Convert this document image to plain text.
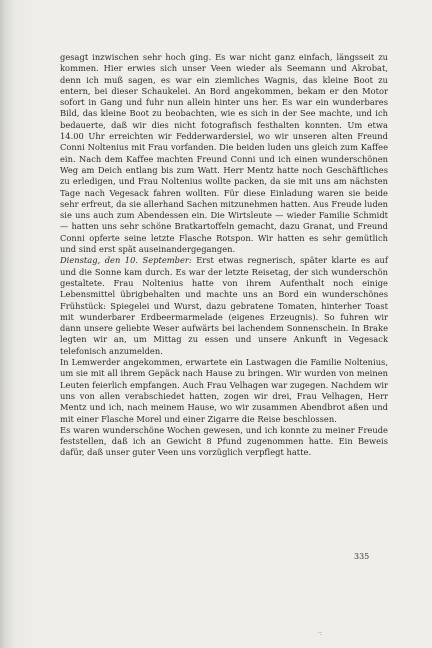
gesagt inzwischen sehr hoch ging. Es war nicht ganz einfach, längsseit zu kommen. Hier erwies sich unser Veen wieder als Seemann und Akrobat, denn ich muß sagen, es war ein ziemliches Wagnis, das kleine Boot zu entern, bei dieser Schaukelei. An Bord angekommen, bekam er den Motor sofort in Gang und fuhr nun allein hinter uns her. Es war ein wunderbares Bild, das kleine Boot zu beobachten, wie es sich in der See machte, und ich bedauerte, daß wir dies nicht fotografisch festhalten konnten. Um etwa 14.00 Uhr erreichten wir Fedderwardersiel, wo wir unseren alten Freund Conni Noltenius mit Frau vorfanden. Die beiden luden uns gleich zum Kaffee ein. Nach dem Kaffee machten Freund Conni und ich einen wunderschönen Weg am Deich entlang bis zum Watt. Herr Mentz hatte noch Geschäftliches zu erledigen, und Frau Noltenius wollte packen, da sie mit uns am nächsten Tage nach Vegesack fahren wollten. Für diese Einladung waren sie beide sehr erfreut, da sie allerhand Sachen mitzunehmen hatten. Aus Freude luden sie uns auch zum Abendessen ein. Die Wirtsleute — wieder Familie Schmidt — hatten uns sehr schöne Bratkartoffeln gemacht, dazu Granat, und Freund Conni opferte seine letzte Flasche Rotspon. Wir hatten es sehr gemütlich und sind erst spät auseinandergegangen.

Dienstag, den 10. September: Erst etwas regnerisch, später klarte es auf und die Sonne kam durch. Es war der letzte Reisetag, der sich wunderschön gestaltete. Frau Noltenius hatte von ihrem Aufenthalt noch einige Lebensmittel übrigbehalten und machte uns an Bord ein wunderschönes Frühstück: Spiegelei und Wurst, dazu gebratene Tomaten, hinterher Toast mit wunderbarer Erdbeermarmelade (eigenes Erzeugnis). So fuhren wir dann unsere geliebte Weser aufwärts bei lachendem Sonnenschein. In Brake legten wir an, um Mittag zu essen und unsere Ankunft in Vegesack telefonisch anzumelden.

In Lemwerder angekommen, erwartete ein Lastwagen die Familie Noltenius, um sie mit all ihrem Gepäck nach Hause zu bringen. Wir wurden von meinen Leuten feierlich empfangen. Auch Frau Velhagen war zugegen. Nachdem wir uns von allen verabschiedet hatten, zogen wir drei, Frau Velhagen, Herr Mentz und ich, nach meinem Hause, wo wir zusammen Abendbrot aßen und mit einer Flasche Morel und einer Zigarre die Reise beschlossen.

Es waren wunderschöne Wochen gewesen, und ich konnte zu meiner Freude feststellen, daß ich an Gewicht 8 Pfund zugenommen hatte. Ein Beweis dafür, daß unser guter Veen uns vorzüglich verpflegt hatte.

335
·:
